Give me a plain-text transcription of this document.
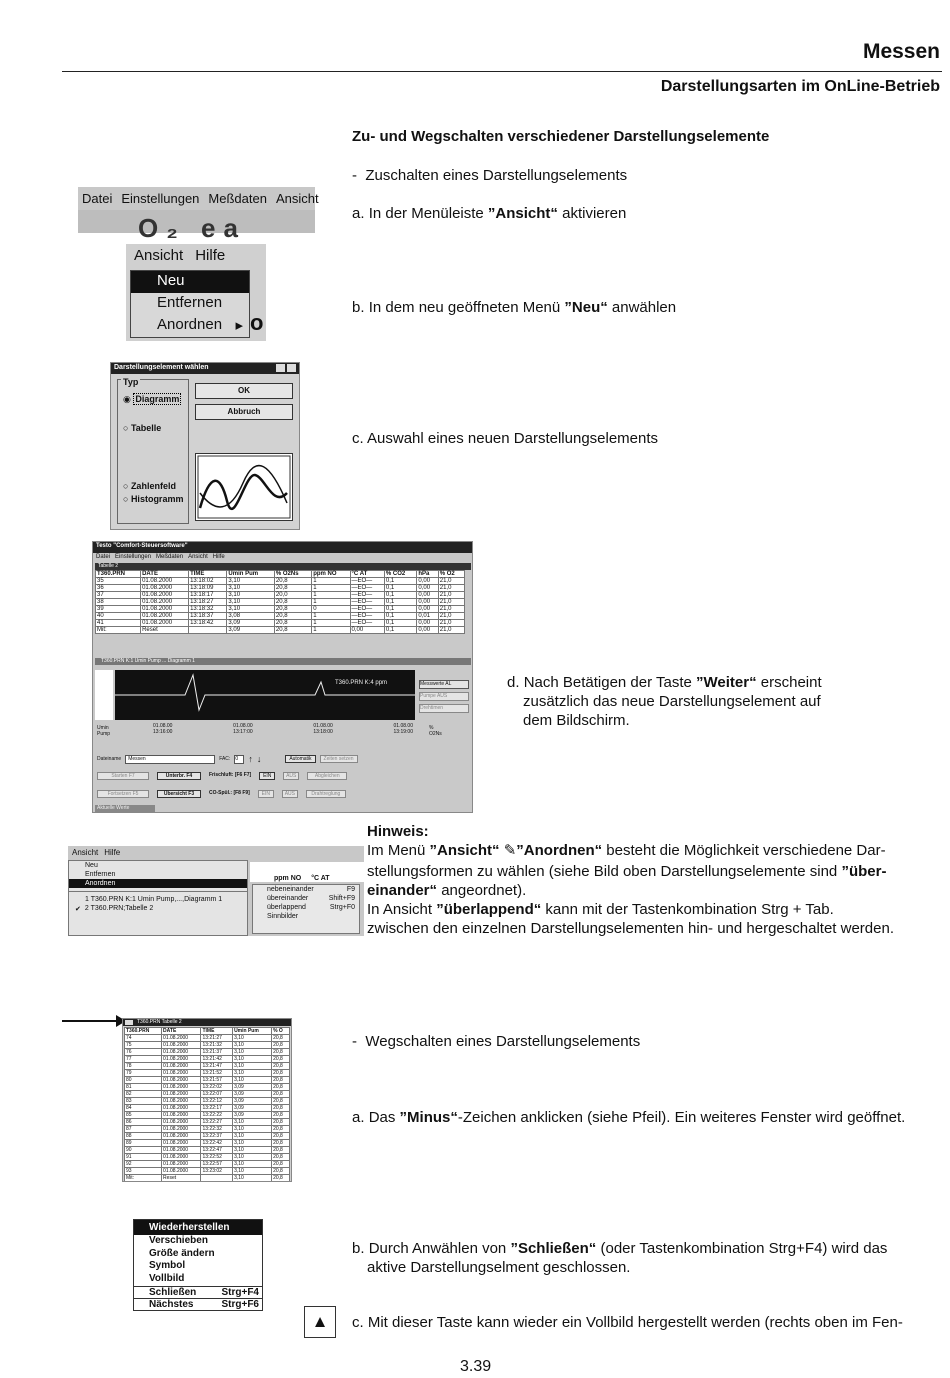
Messen
Darstellungsarten im OnLine-Betrieb
Zu- und Wegschalten verschiedener Darstellungselemente
- Zuschalten eines Darstellungselements
a. In der Menüleiste ”Ansicht“ aktivieren
b. In dem neu geöffneten Menü ”Neu“ anwählen
c. Auswahl eines neuen Darstellungselements
d. Nach Betätigen der Taste ”Weiter“ erscheint
zusätzlich das neue Darstellungselement auf
dem Bildschirm.
Hinweis:
Im Menü ”Ansicht“ ✎”Anordnen“ besteht die Möglichkeit verschiedene Dar-
stellungsformen zu wählen (siehe Bild oben Darstellungselemente sind ”über-
einander“ angeordnet).
In Ansicht ”überlappend“ kann mit der Tastenkombination Strg + Tab.
zwischen den einzelnen Darstellungselementen hin- und hergeschaltet werden.
- Wegschalten eines Darstellungselements
a. Das ”Minus“-Zeichen anklicken (siehe Pfeil). Ein weiteres Fenster wird geöffnet.
b. Durch Anwählen von ”Schließen“ (oder Tastenkombination Strg+F4) wird das
aktive Darstellungselment geschlossen.
c. Mit dieser Taste kann wieder ein Vollbild hergestellt werden (rechts oben im Fen-
Datei Einstellungen Meßdaten Ansicht
O₂ ea
Ansicht Hilfe
Neu
Entfernen
Anordnen ▸ o
Darstellungselement wählen
Typ
◉ Diagramm
○ Tabelle
○ Zahlenfeld
○ Histogramm
OK
Abbruch
Testo "Comfort-Steuersoftware"
Datei Einstellungen Meßdaten Ansicht Hilfe
Tabelle 2
T360.PRN	DATE	TIME	Umin Pum	% O2Ns	ppm NO	°C AT	% CO2	hPa	% O2
35	01.08.2000	13:18:02	3,10	20,8	1	—EO—	0,1	0,00	21,0
36	01.08.2000	13:18:09	3,10	20,8	1	—EO—	0,1	0,00	21,0
37	01.08.2000	13:18:17	3,10	20,0	1	—EO—	0,1	0,00	21,0
38	01.08.2000	13:18:27	3,10	20,8	1	—EO—	0,1	0,00	21,0
39	01.08.2000	13:18:32	3,10	20,8	0	—EO—	0,1	0,00	21,0
40	01.08.2000	13:18:37	3,08	20,8	1	—EO—	0,1	0,01	21,0
41	01.08.2000	13:18:42	3,09	20,8	1	—EO—	0,1	0,00	21,0
Mit:	Reset		3,09	20,8	1	0,00	0,1	0,00	21,0
T360.PRN K:1 Umin Pump ... Diagramm 1
T360.PRN K:4 ppm	Messwerte AL
Pumpe AUS
Drehtimen
01.08.00
13:16:00
01.08.00
13:17:00
01.08.00
13:18:00
01.08.00
13:19:00
Umin
Pump
%
O2Ns
Dateiname	Messen	FAC: 0	↑ ↓	Automatik	Zeiten setzen
Starten F7	Unterbr. F4	Frischluft: [F6 F7]	EIN	AUS	Abgleichen
Fortsetzen F5	Übersicht F3	CO-Spül.: [F8 F9]	EIN	AUS	Drahtreglung
Aktuelle Werte
Ansicht Hilfe
Neu
Entfernen
Anordnen
1 T360.PRN K:1 Umin Pump,...,Diagramm 1
✔ 2 T360.PRN;Tabelle 2
ppm NO °C AT
nebeneinander	F9
übereinander	Shift+F9
überlappend	Strg+F0
Sinnbilder
T360.PRN Tabelle 2
T360.PRN	DATE	TIME	Umin Pum	% O
74	01.08.2000	13:21:27	3,10	20,8
75	01.08.2000	13:21:32	3,10	20,8
76	01.08.2000	13:21:37	3,10	20,8
77	01.08.2000	13:21:42	3,10	20,8
78	01.08.2000	13:21:47	3,10	20,8
79	01.08.2000	13:21:52	3,10	20,8
80	01.08.2000	13:21:57	3,10	20,8
81	01.08.2000	13:22:02	3,09	20,8
82	01.08.2000	13:22:07	3,09	20,8
83	01.08.2000	13:22:12	3,09	20,8
84	01.08.2000	13:22:17	3,09	20,8
85	01.08.2000	13:22:22	3,09	20,8
86	01.08.2000	13:22:27	3,10	20,8
87	01.08.2000	13:22:32	3,10	20,8
88	01.08.2000	13:22:37	3,10	20,8
89	01.08.2000	13:22:42	3,10	20,8
90	01.08.2000	13:22:47	3,10	20,8
91	01.08.2000	13:22:52	3,10	20,8
92	01.08.2000	13:22:57	3,10	20,8
93	01.08.2000	13:23:02	3,10	20,8
Mit:	Reset		3,10	20,8
Wiederherstellen
Verschieben
Größe ändern
Symbol
Vollbild
Schließen	Strg+F4
Nächstes	Strg+F6
▲
3.39
